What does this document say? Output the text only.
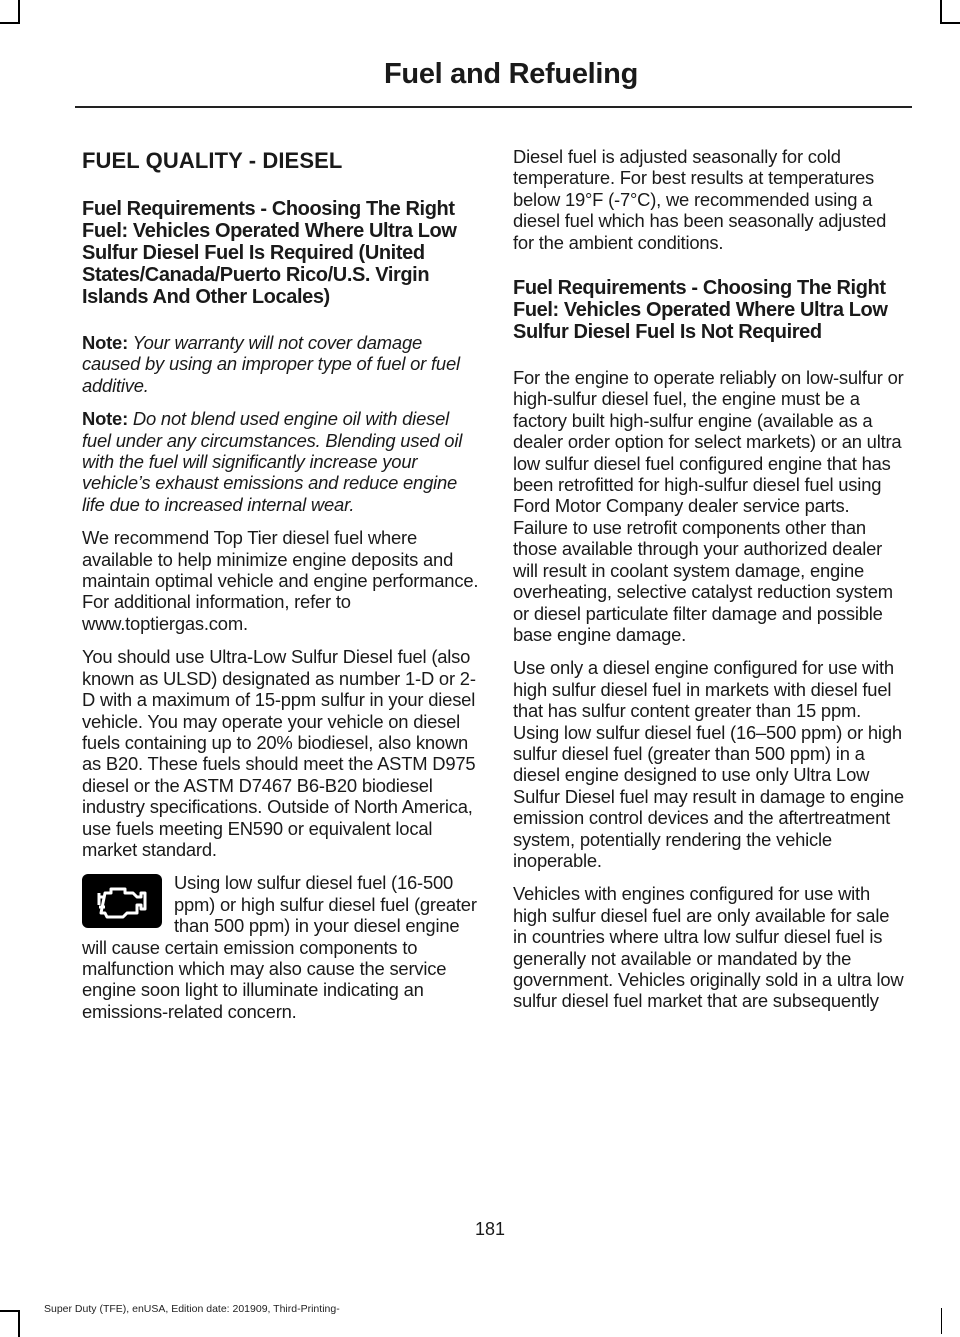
Fuel and Refueling
FUEL QUALITY - DIESEL
Fuel Requirements - Choosing The Right Fuel: Vehicles Operated Where Ultra Low Sulfur Diesel Fuel Is Required (United States/Canada/Puerto Rico/U.S. Virgin Islands And Other Locales)

Note: Your warranty will not cover damage caused by using an improper type of fuel or fuel additive.

Note: Do not blend used engine oil with diesel fuel under any circumstances. Blending used oil with the fuel will significantly increase your vehicle’s exhaust emissions and reduce engine life due to increased internal wear.

We recommend Top Tier diesel fuel where available to help minimize engine deposits and maintain optimal vehicle and engine performance. For additional information, refer to www.toptiergas.com.

You should use Ultra-Low Sulfur Diesel fuel (also known as ULSD) designated as number 1-D or 2-D with a maximum of 15-ppm sulfur in your diesel vehicle. You may operate your vehicle on diesel fuels containing up to 20% biodiesel, also known as B20. These fuels should meet the ASTM D975 diesel or the ASTM D7467 B6-B20 biodiesel industry specifications. Outside of North America, use fuels meeting EN590 or equivalent local market standard.

Using low sulfur diesel fuel (16-500 ppm) or high sulfur diesel fuel (greater than 500 ppm) in your diesel engine will cause certain emission components to malfunction which may also cause the service engine soon light to illuminate indicating an emissions-related concern.

Diesel fuel is adjusted seasonally for cold temperature. For best results at temperatures below 19°F (-7°C), we recommended using a diesel fuel which has been seasonally adjusted for the ambient conditions.

Fuel Requirements - Choosing The Right Fuel: Vehicles Operated Where Ultra Low Sulfur Diesel Fuel Is Not Required

For the engine to operate reliably on low-sulfur or high-sulfur diesel fuel, the engine must be a factory built high-sulfur engine (available as a dealer order option for select markets) or an ultra low sulfur diesel fuel configured engine that has been retrofitted for high-sulfur diesel fuel using Ford Motor Company dealer service parts. Failure to use retrofit components other than those available through your authorized dealer will result in coolant system damage, engine overheating, selective catalyst reduction system or diesel particulate filter damage and possible base engine damage.

Use only a diesel engine configured for use with high sulfur diesel fuel in markets with diesel fuel that has sulfur content greater than 15 ppm. Using low sulfur diesel fuel (16–500 ppm) or high sulfur diesel fuel (greater than 500 ppm) in a diesel engine designed to use only Ultra Low Sulfur Diesel fuel may result in damage to engine emission control devices and the aftertreatment system, potentially rendering the vehicle inoperable.

Vehicles with engines configured for use with high sulfur diesel fuel are only available for sale in countries where ultra low sulfur diesel fuel is generally not available or mandated by the government. Vehicles originally sold in a ultra low sulfur diesel fuel market that are subsequently

181
Super Duty (TFE), enUSA, Edition date: 201909, Third-Printing-
